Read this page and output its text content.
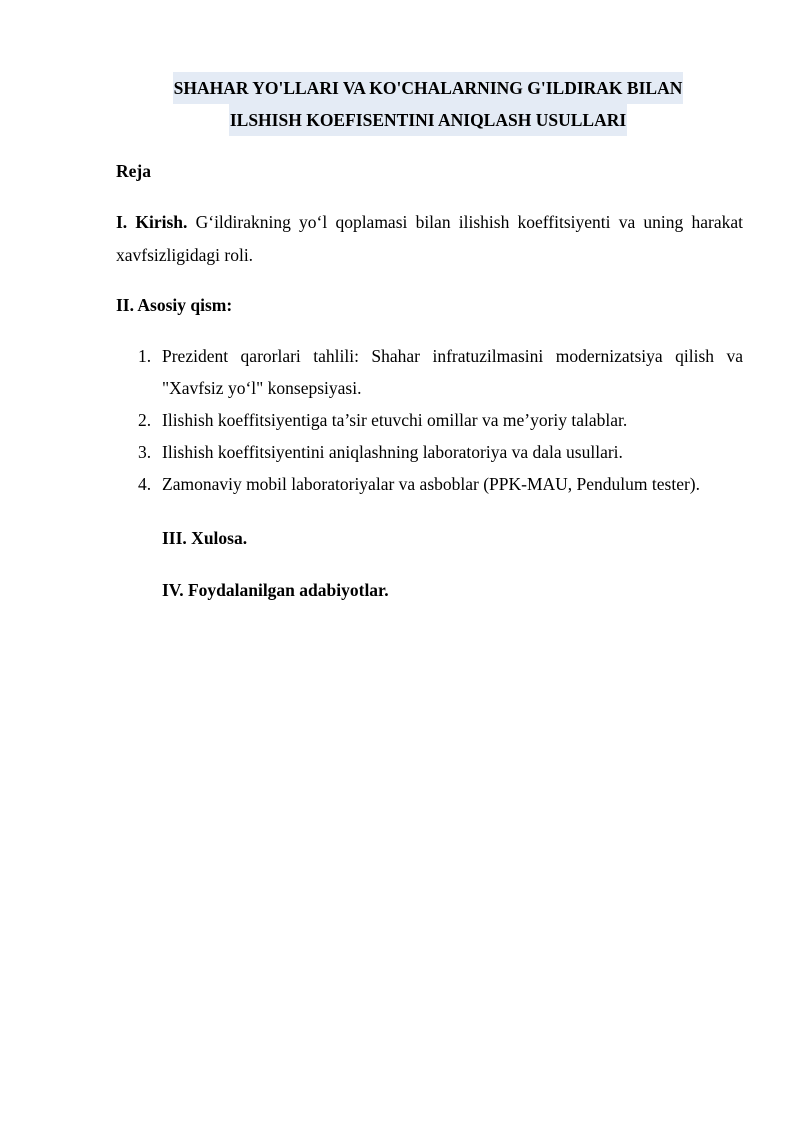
SHAHAR YO'LLARI VA KO'CHALARNING G'ILDIRAK BILAN
ILSHISH KOEFISENTINI ANIQLASH USULLARI
Reja
I. Kirish. G‘ildirakning yo‘l qoplamasi bilan ilishish koeffitsiyenti va uning harakat xavfsizligidagi roli.
II. Asosiy qism:
1. Prezident qarorlari tahlili: Shahar infratuzilmasini modernizatsiya qilish va "Xavfsiz yo‘l" konsepsiyasi.
2. Ilishish koeffitsiyentiga ta’sir etuvchi omillar va me’yoriy talablar.
3. Ilishish koeffitsiyentini aniqlashning laboratoriya va dala usullari.
4. Zamonaviy mobil laboratoriyalar va asboblar (PPK-MAU, Pendulum tester).
III. Xulosa.
IV. Foydalanilgan adabiyotlar.
